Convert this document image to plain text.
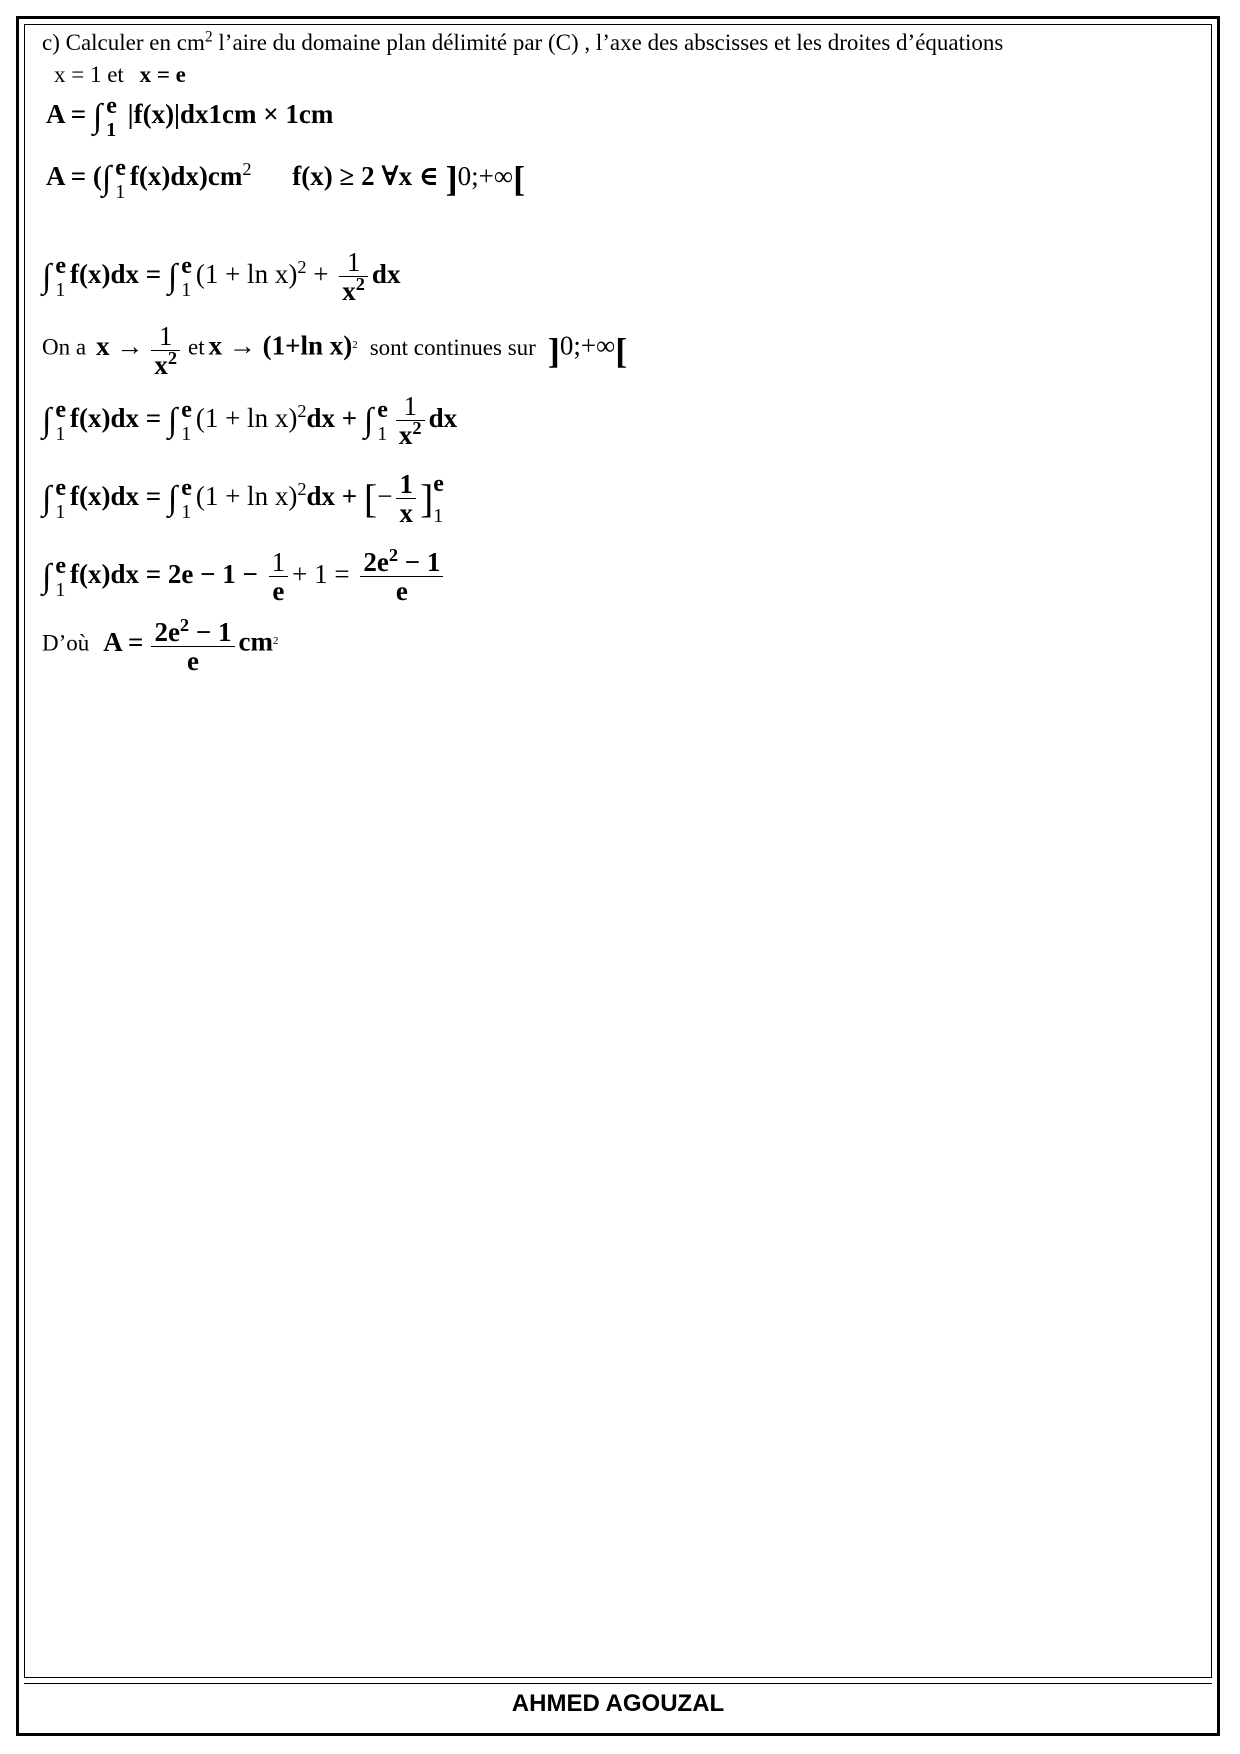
c) Calculer en $cm^2$ l’aire du domaine plan délimité par (C) , l’axe des abscisses et les droites d’équations
x = 1 et x = e
A = ∫ e
1
|f(x)|dx1cm × 1cm
A = (∫ e
1
$f(x)dx)cm^2$ f(x) ≥ 2 ∀x ∈ ]0;+∞[
∫ e
1
f(x)dx = ∫ e
1
$(1 + \ln x)^2 + \frac{1}{x^2}$ dx
On a $x \to \frac{1}{x^2}$ et x → (1+ln x)$^2$ sont continues sur ]0;+∞[
∫ e
1
f(x)dx = ∫ e
1
$(1 + \ln x)^2dx$ + ∫ e
$1 \frac{1}{x^2}$ dx
∫ e
1
f(x)dx = ∫ e
1
$(1 + \ln x)^2dx$ + [− $\frac{1}{x}$ ] e
1
∫ e
1
$f(x)dx = 2e - 1 - \frac{1}{e} + 1 = \frac{2e^2 - 1}{e}$
D’où $A = \frac{2e^2 - 1}{e} cm^2$
AHMED AGOUZAL
